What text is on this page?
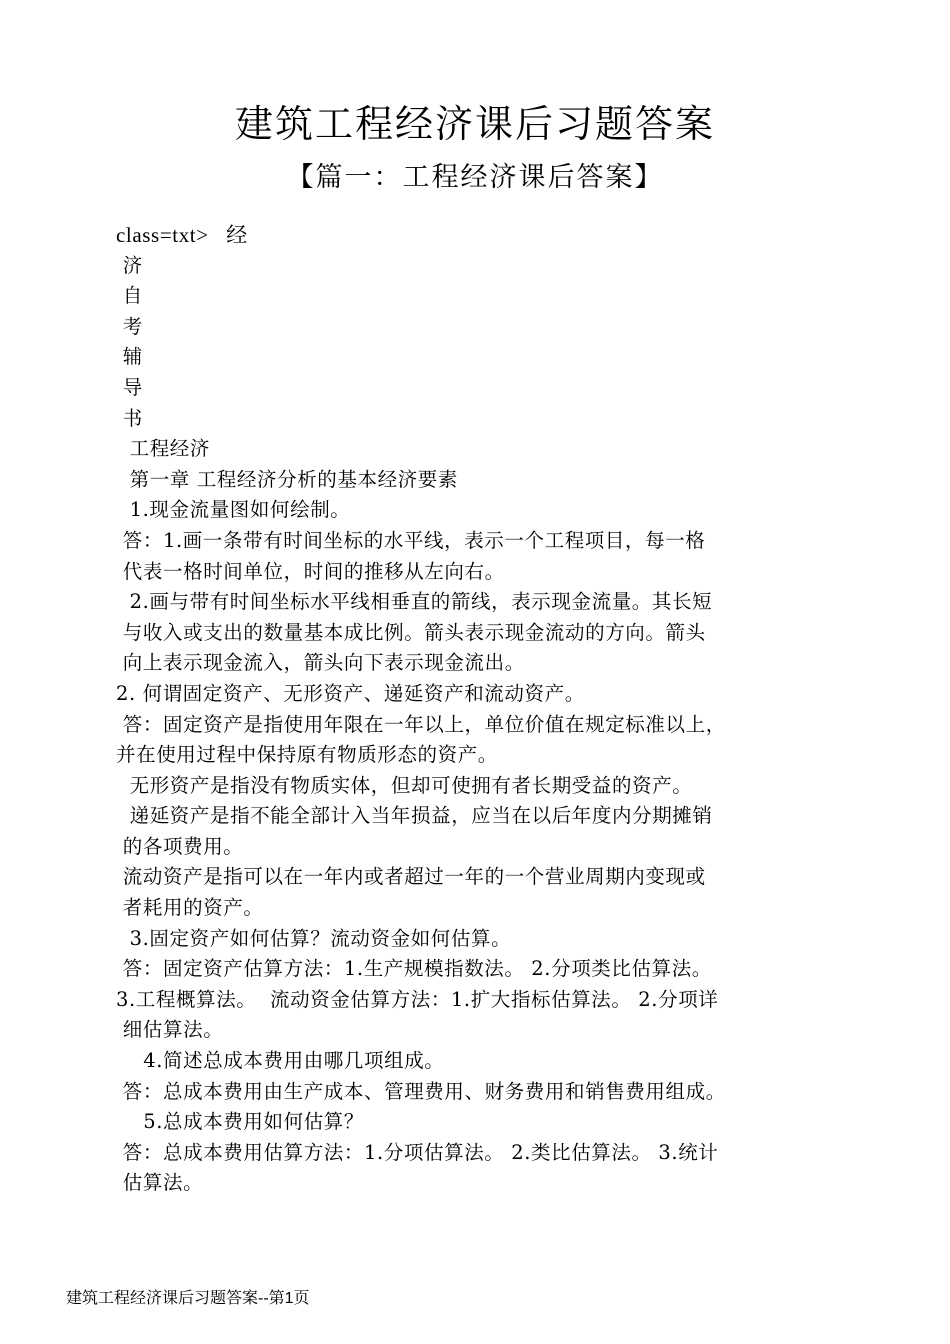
建筑工程经济课后习题答案
【篇一：工程经济课后答案】
class=txt>   经
济
自
考
辅
导
书
工程经济
第一章 工程经济分析的基本经济要素
1.现金流量图如何绘制。
答：1.画一条带有时间坐标的水平线，表示一个工程项目，每一格
代表一格时间单位，时间的推移从左向右。
2.画与带有时间坐标水平线相垂直的箭线，表示现金流量。其长短
与收入或支出的数量基本成比例。箭头表示现金流动的方向。箭头
向上表示现金流入，箭头向下表示现金流出。
2. 何谓固定资产、无形资产、递延资产和流动资产。
答：固定资产是指使用年限在一年以上，单位价值在规定标准以上，
并在使用过程中保持原有物质形态的资产。
无形资产是指没有物质实体，但却可使拥有者长期受益的资产。
递延资产是指不能全部计入当年损益，应当在以后年度内分期摊销
的各项费用。
流动资产是指可以在一年内或者超过一年的一个营业周期内变现或
者耗用的资产。
3.固定资产如何估算？流动资金如何估算。
答：固定资产估算方法：1.生产规模指数法。 2.分项类比估算法。
3.工程概算法。  流动资金估算方法：1.扩大指标估算法。 2.分项详
细估算法。
4.简述总成本费用由哪几项组成。
答：总成本费用由生产成本、管理费用、财务费用和销售费用组成。
5.总成本费用如何估算？
答：总成本费用估算方法：1.分项估算法。 2.类比估算法。 3.统计
估算法。
建筑工程经济课后习题答案--第1页
